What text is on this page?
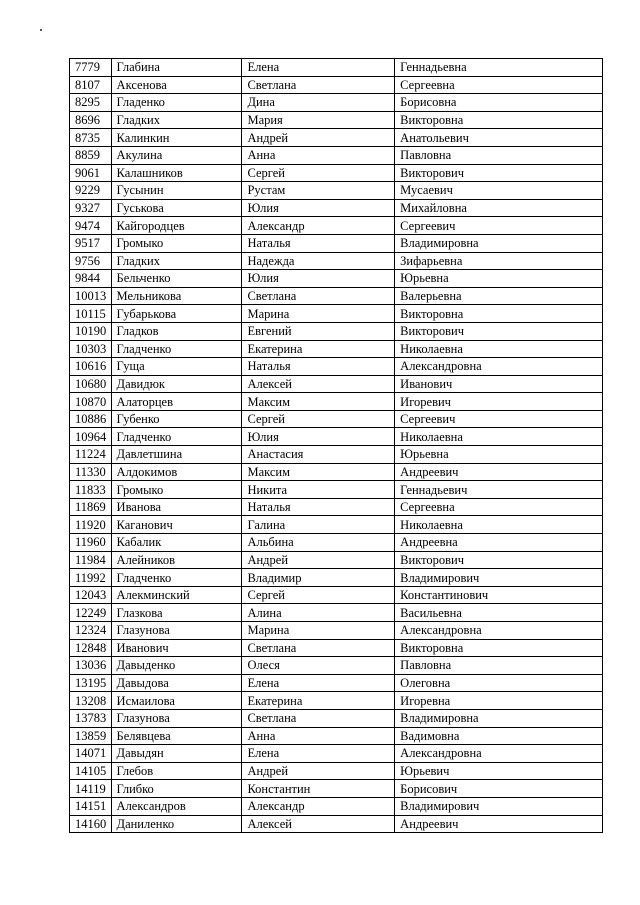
7779	Глабина	Елена	Геннадьевна
8107	Аксенова	Светлана	Сергеевна
8295	Гладенко	Дина	Борисовна
8696	Гладких	Мария	Викторовна
8735	Калинкин	Андрей	Анатольевич
8859	Акулина	Анна	Павловна
9061	Калашников	Сергей	Викторович
9229	Гусынин	Рустам	Мусаевич
9327	Гуськова	Юлия	Михайловна
9474	Кайгородцев	Александр	Сергеевич
9517	Громыко	Наталья	Владимировна
9756	Гладких	Надежда	Зифарьевна
9844	Бельченко	Юлия	Юрьевна
10013	Мельникова	Светлана	Валерьевна
10115	Губарькова	Марина	Викторовна
10190	Гладков	Евгений	Викторович
10303	Гладченко	Екатерина	Николаевна
10616	Гуща	Наталья	Александровна
10680	Давидюк	Алексей	Иванович
10870	Алаторцев	Максим	Игоревич
10886	Губенко	Сергей	Сергеевич
10964	Гладченко	Юлия	Николаевна
11224	Давлетшина	Анастасия	Юрьевна
11330	Алдокимов	Максим	Андреевич
11833	Громыко	Никита	Геннадьевич
11869	Иванова	Наталья	Сергеевна
11920	Каганович	Галина	Николаевна
11960	Кабалик	Альбина	Андреевна
11984	Алейников	Андрей	Викторович
11992	Гладченко	Владимир	Владимирович
12043	Алекминский	Сергей	Константинович
12249	Глазкова	Алина	Васильевна
12324	Глазунова	Марина	Александровна
12848	Иванович	Светлана	Викторовна
13036	Давыденко	Олеся	Павловна
13195	Давыдова	Елена	Олеговна
13208	Исмаилова	Екатерина	Игоревна
13783	Глазунова	Светлана	Владимировна
13859	Белявцева	Анна	Вадимовна
14071	Давыдян	Елена	Александровна
14105	Глебов	Андрей	Юрьевич
14119	Глибко	Константин	Борисович
14151	Александров	Александр	Владимирович
14160	Даниленко	Алексей	Андреевич
